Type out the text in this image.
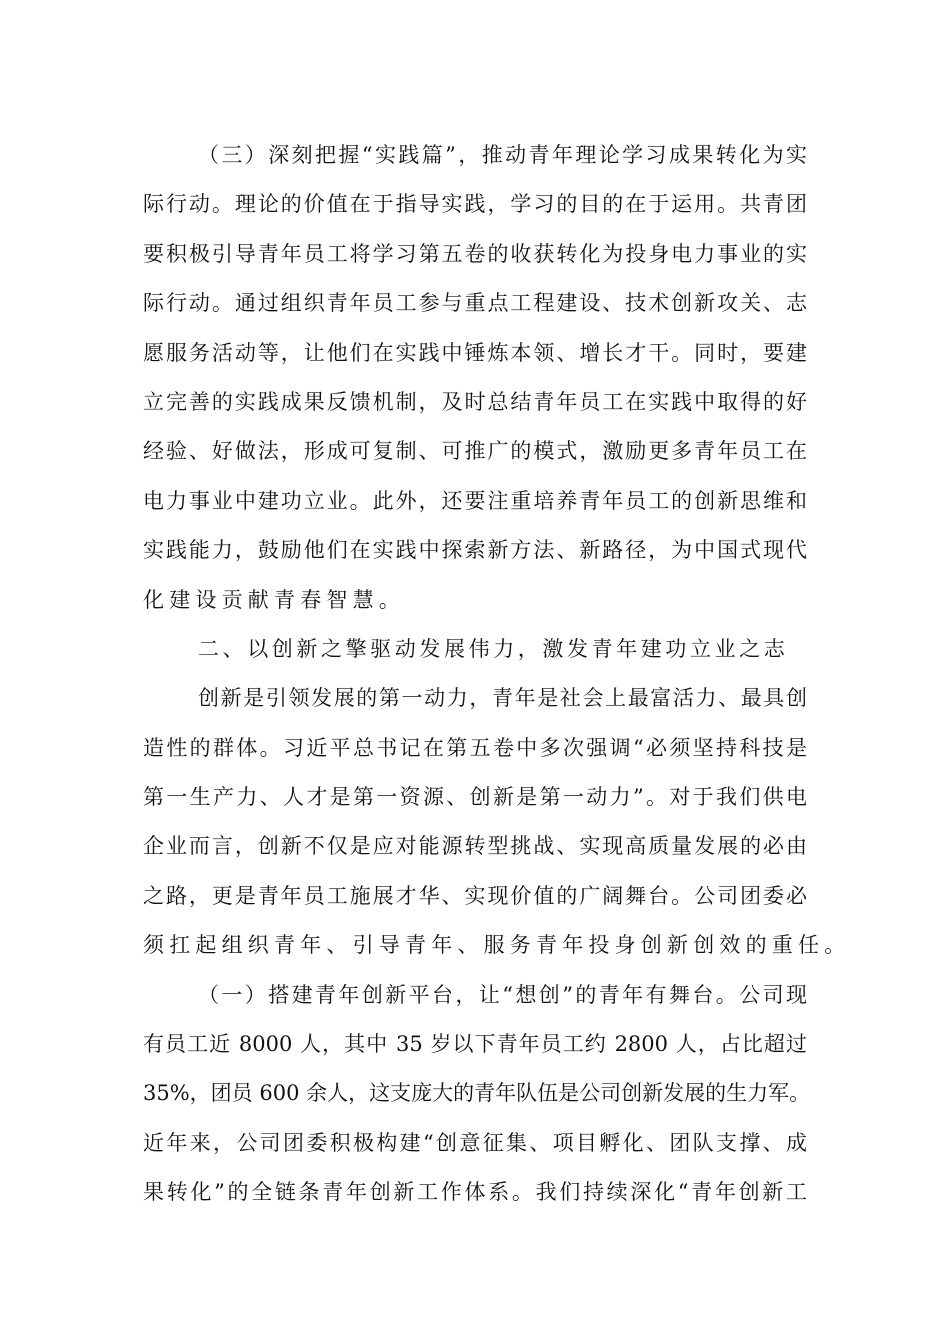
（三）深刻把握“实践篇”，推动青年理论学习成果转化为实
际行动。理论的价值在于指导实践，学习的目的在于运用。共青团
要积极引导青年员工将学习第五卷的收获转化为投身电力事业的实
际行动。通过组织青年员工参与重点工程建设、技术创新攻关、志
愿服务活动等，让他们在实践中锤炼本领、增长才干。同时，要建
立完善的实践成果反馈机制，及时总结青年员工在实践中取得的好
经验、好做法，形成可复制、可推广的模式，激励更多青年员工在
电力事业中建功立业。此外，还要注重培养青年员工的创新思维和
实践能力，鼓励他们在实践中探索新方法、新路径，为中国式现代
化建设贡献青春智慧。
二、以创新之擎驱动发展伟力，激发青年建功立业之志
创新是引领发展的第一动力，青年是社会上最富活力、最具创
造性的群体。习近平总书记在第五卷中多次强调“必须坚持科技是
第一生产力、人才是第一资源、创新是第一动力”。对于我们供电
企业而言，创新不仅是应对能源转型挑战、实现高质量发展的必由
之路，更是青年员工施展才华、实现价值的广阔舞台。公司团委必
须扛起组织青年、引导青年、服务青年投身创新创效的重任。
（一）搭建青年创新平台，让“想创”的青年有舞台。公司现
有员工近 8000 人，其中 35 岁以下青年员工约 2800 人，占比超过
35%，团员 600 余人，这支庞大的青年队伍是公司创新发展的生力军。
近年来，公司团委积极构建“创意征集、项目孵化、团队支撑、成
果转化”的全链条青年创新工作体系。我们持续深化“青年创新工
